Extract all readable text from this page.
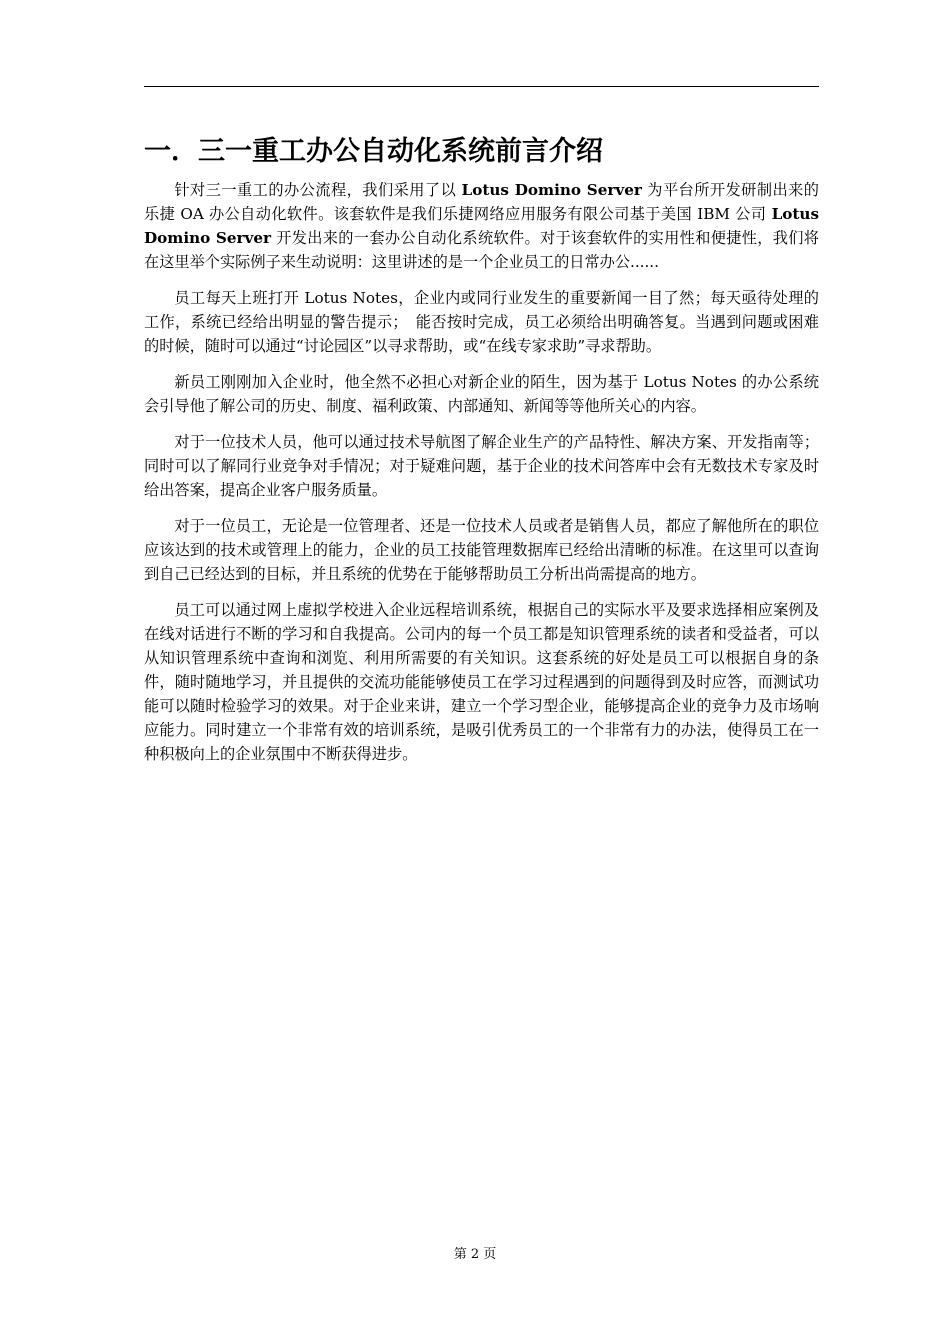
一．三一重工办公自动化系统前言介绍

针对三一重工的办公流程，我们采用了以 Lotus Domino Server 为平台所开发研制出来的乐捷 OA 办公自动化软件。该套软件是我们乐捷网络应用服务有限公司基于美国 IBM 公司 Lotus Domino Server 开发出来的一套办公自动化系统软件。对于该套软件的实用性和便捷性，我们将在这里举个实际例子来生动说明：这里讲述的是一个企业员工的日常办公......

员工每天上班打开 Lotus Notes，企业内或同行业发生的重要新闻一目了然；每天亟待处理的工作，系统已经给出明显的警告提示；　能否按时完成，员工必须给出明确答复。当遇到问题或困难的时候，随时可以通过“讨论园区”以寻求帮助，或“在线专家求助”寻求帮助。

新员工刚刚加入企业时，他全然不必担心对新企业的陌生，因为基于 Lotus Notes 的办公系统会引导他了解公司的历史、制度、福利政策、内部通知、新闻等等他所关心的内容。

对于一位技术人员，他可以通过技术导航图了解企业生产的产品特性、解决方案、开发指南等；同时可以了解同行业竞争对手情况；对于疑难问题，基于企业的技术问答库中会有无数技术专家及时给出答案，提高企业客户服务质量。

对于一位员工，无论是一位管理者、还是一位技术人员或者是销售人员，都应了解他所在的职位应该达到的技术或管理上的能力，企业的员工技能管理数据库已经给出清晰的标准。在这里可以查询到自己已经达到的目标，并且系统的优势在于能够帮助员工分析出尚需提高的地方。

员工可以通过网上虚拟学校进入企业远程培训系统，根据自己的实际水平及要求选择相应案例及在线对话进行不断的学习和自我提高。公司内的每一个员工都是知识管理系统的读者和受益者，可以从知识管理系统中查询和浏览、利用所需要的有关知识。这套系统的好处是员工可以根据自身的条件，随时随地学习，并且提供的交流功能能够使员工在学习过程遇到的问题得到及时应答，而测试功能可以随时检验学习的效果。对于企业来讲，建立一个学习型企业，能够提高企业的竞争力及市场响应能力。同时建立一个非常有效的培训系统，是吸引优秀员工的一个非常有力的办法，使得员工在一种积极向上的企业氛围中不断获得进步。

第 2 页
